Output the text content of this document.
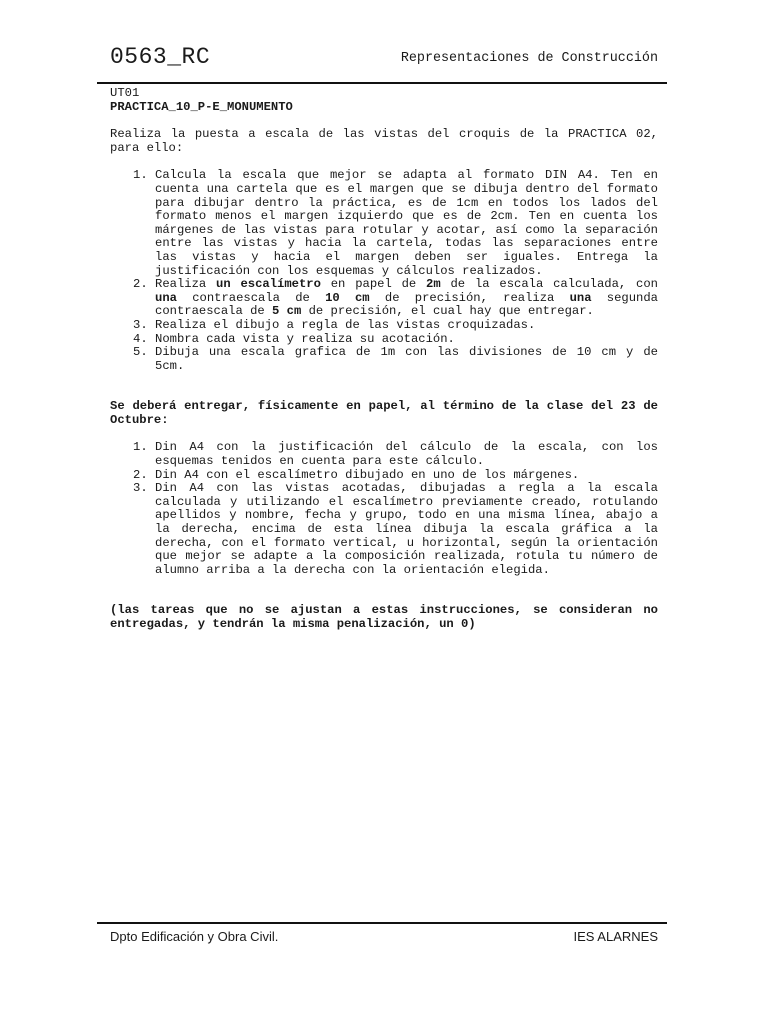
0563_RC	Representaciones de Construcción

UT01

PRACTICA_10_P-E_MONUMENTO

Realiza la puesta a escala de las vistas del croquis de la PRACTICA 02, para ello:

1. Calcula la escala que mejor se adapta al formato DIN A4. Ten en cuenta una cartela que es el margen que se dibuja dentro del formato para dibujar dentro la práctica, es de 1cm en todos los lados del formato menos el margen izquierdo que es de 2cm. Ten en cuenta los márgenes de las vistas para rotular y acotar, así como la separación entre las vistas y hacia la cartela, todas las separaciones entre las vistas y hacia el margen deben ser iguales. Entrega la justificación con los esquemas y cálculos realizados.
2. Realiza un escalímetro en papel de 2m de la escala calculada, con una contraescala de 10 cm de precisión, realiza una segunda contraescala de 5 cm de precisión, el cual hay que entregar.
3. Realiza el dibujo a regla de las vistas croquizadas.
4. Nombra cada vista y realiza su acotación.
5. Dibuja una escala grafica de 1m con las divisiones de 10 cm y de 5cm.

Se deberá entregar, físicamente en papel, al término de la clase del 23 de Octubre:

1. Din A4 con la justificación del cálculo de la escala, con los esquemas tenidos en cuenta para este cálculo.
2. Din A4 con el escalímetro dibujado en uno de los márgenes.
3. Din A4 con las vistas acotadas, dibujadas a regla a la escala calculada y utilizando el escalímetro previamente creado, rotulando apellidos y nombre, fecha y grupo, todo en una misma línea, abajo a la derecha, encima de esta línea dibuja la escala gráfica a la derecha, con el formato vertical, u horizontal, según la orientación que mejor se adapte a la composición realizada, rotula tu número de alumno arriba a la derecha con la orientación elegida.

(las tareas que no se ajustan a estas instrucciones, se consideran no entregadas, y tendrán la misma penalización, un 0)

Dpto Edificación y Obra Civil.	IES ALARNES
